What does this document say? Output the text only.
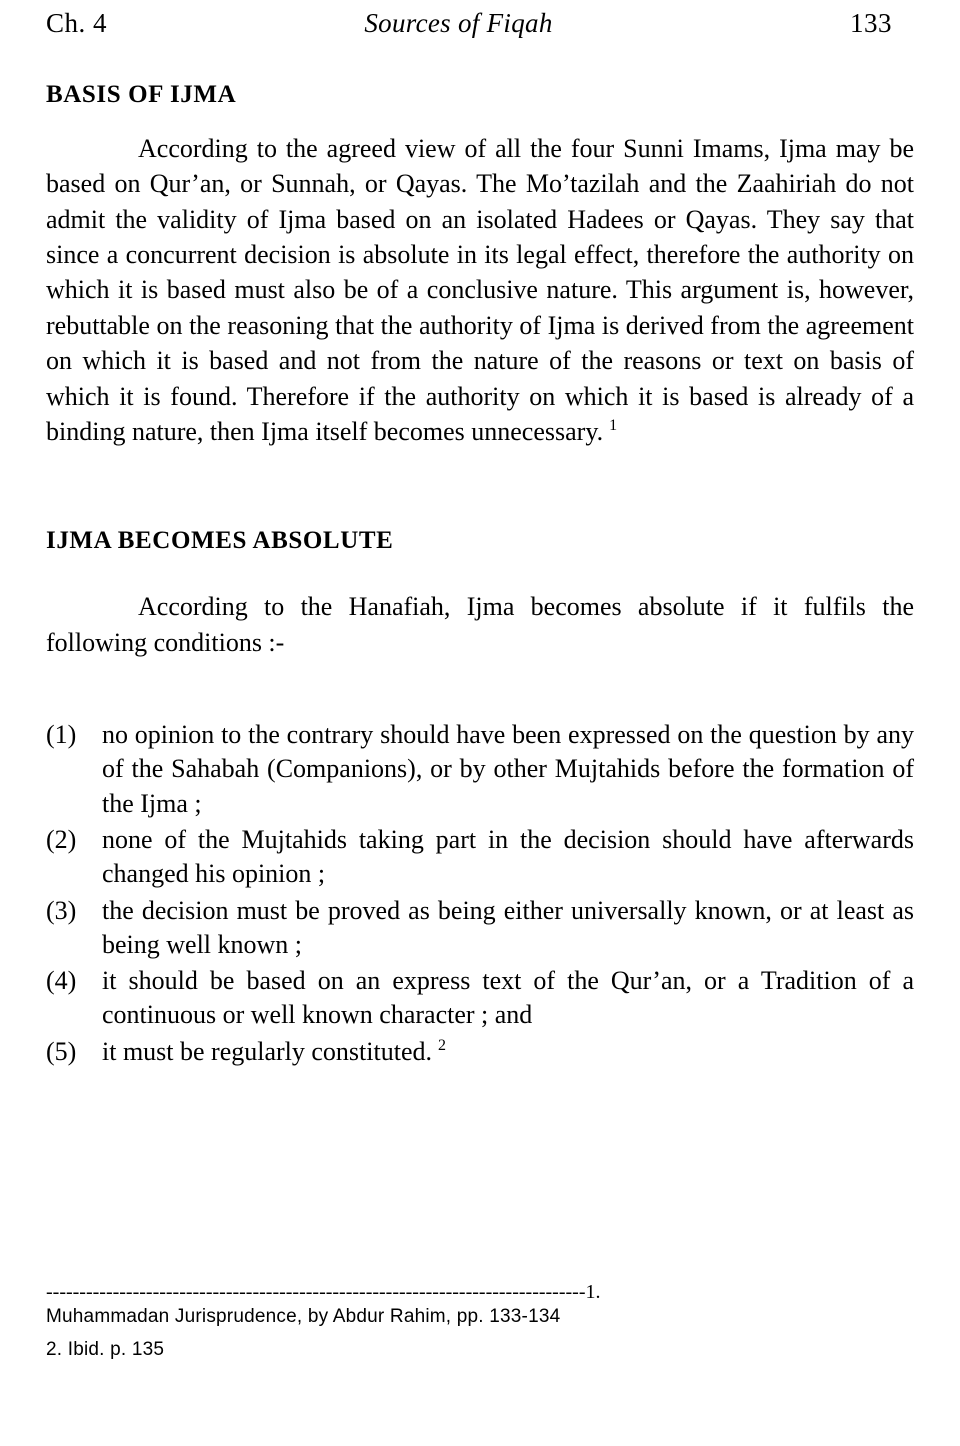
Ch. 4	Sources of Fiqah	133
BASIS OF IJMA

According to the agreed view of all the four Sunni Imams, Ijma may be based on Qur’an, or Sunnah, or Qayas. The Mo’tazilah and the Zaahiriah do not admit the validity of Ijma based on an isolated Hadees or Qayas. They say that since a concurrent decision is absolute in its legal effect, therefore the authority on which it is based must also be of a conclusive nature. This argument is, however, rebuttable on the reasoning that the authority of Ijma is derived from the agreement on which it is based and not from the nature of the reasons or text on basis of which it is found. Therefore if the authority on which it is based is already of a binding nature, then Ijma itself becomes unnecessary. $^1$

IJMA BECOMES ABSOLUTE

According to the Hanafiah, Ijma becomes absolute if it fulfils the following conditions :-

(1) no opinion to the contrary should have been expressed on the question by any of the Sahabah (Companions), or by other Mujtahids before the formation of the Ijma ;
(2) none of the Mujtahids taking part in the decision should have afterwards changed his opinion ;
(3) the decision must be proved as being either universally known, or at least as being well known ;
(4) it should be based on an express text of the Qur’an, or a Tradition of a continuous or well known character ; and
(5) it must be regularly constituted. $^2$
---------------------------------------------------------------------------------1.
Muhammadan Jurisprudence, by Abdur Rahim, pp. 133-134
2. Ibid. p. 135
